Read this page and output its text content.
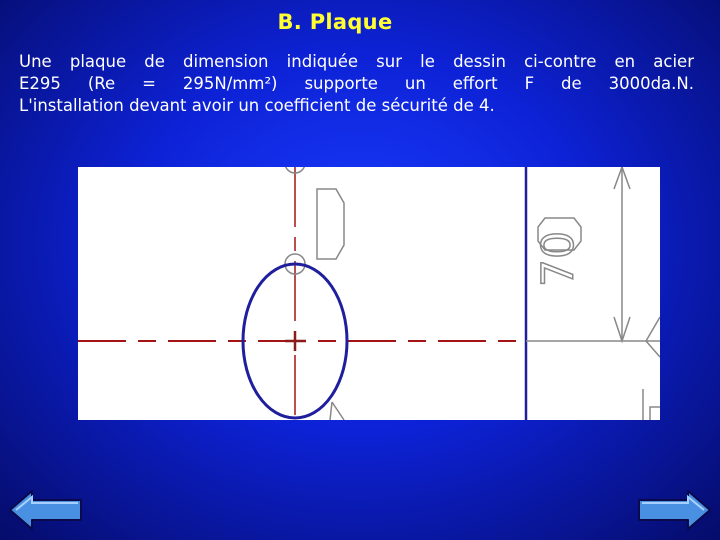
B. Plaque
Une plaque de dimension indiquée sur le dessin ci-contre en acier
E295 (Re = 295N/mm²) supporte un effort F de 3000da.N.
L'installation devant avoir un coefficient de sécurité de 4.
70
